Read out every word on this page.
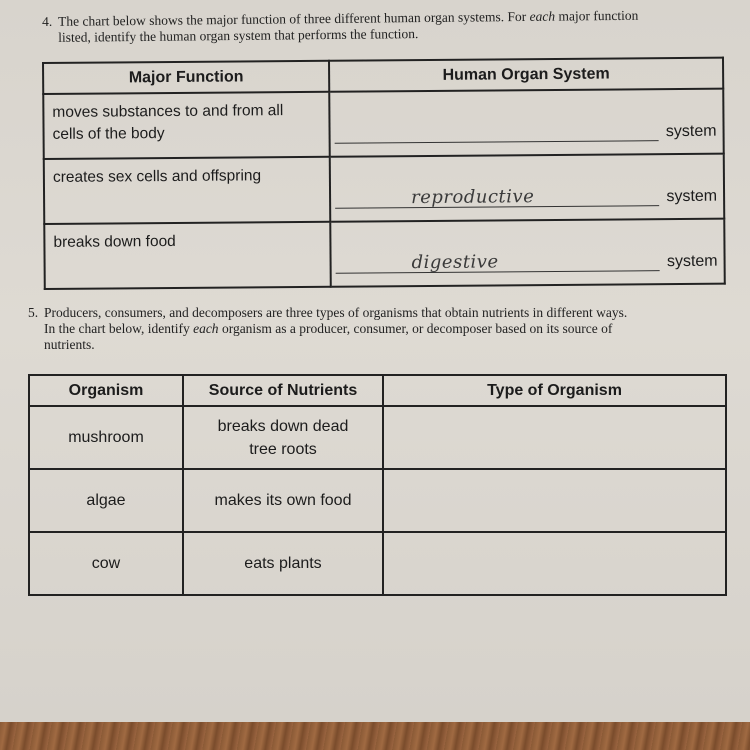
4. The chart below shows the major function of three different human organ systems. For each major function
listed, identify the human organ system that performs the function.
Major Function	Human Organ System
moves substances to and from all
cells of the body	system

creates sex cells and offspring	reproductive system

breaks down food	digestive system
5. Producers, consumers, and decomposers are three types of organisms that obtain nutrients in different ways.
In the chart below, identify each organism as a producer, consumer, or decomposer based on its source of
nutrients.
Organism	Source of Nutrients	Type of Organism
mushroom	breaks down dead
tree roots	
algae	makes its own food	
cow	eats plants	
